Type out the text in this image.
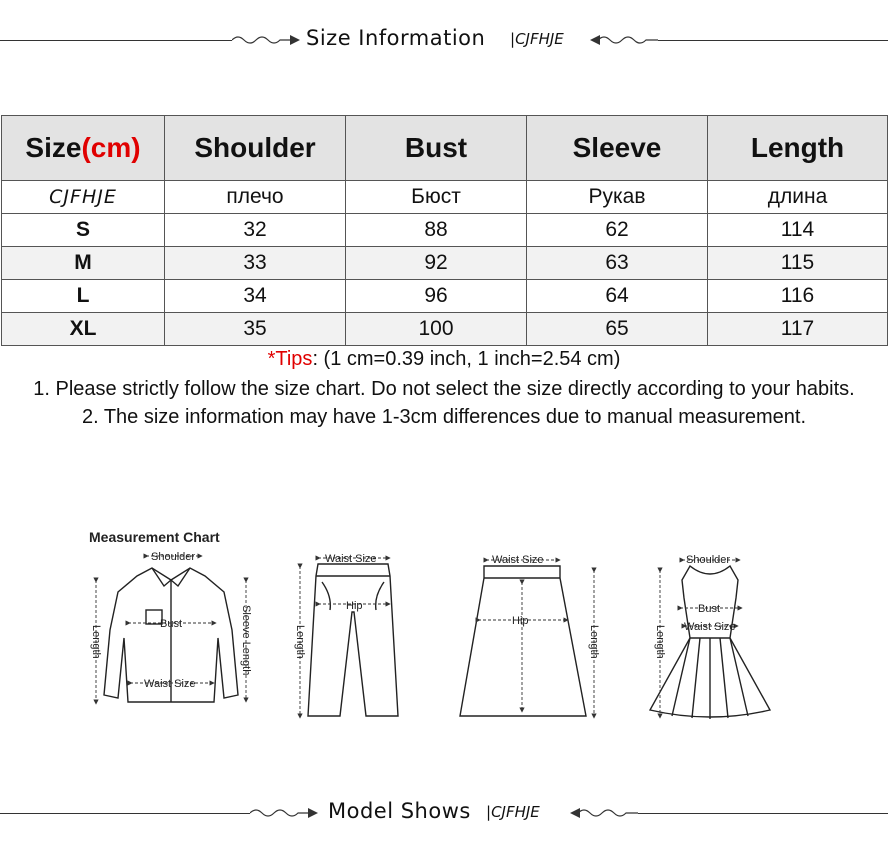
Size Information |CJFHJE
Size(cm)	Shoulder	Bust	Sleeve	Length
CJFHJE	плечо	Бюст	Рукав	длина
S	32	88	62	114
M	33	92	63	115
L	34	96	64	116
XL	35	100	65	117
*Tips: (1 cm=0.39 inch, 1 inch=2.54 cm)
1. Please strictly follow the size chart. Do not select the size directly according to your habits.
2. The size information may have 1-3cm differences due to manual measurement.
Measurement Chart
Shoulder
Bust
Waist Size
Length	Sleeve Length
Waist Size
Hip
Length
Waist Size
Hip
Length
Shoulder
Bust
Waist Size
Length
Model Shows |CJFHJE
